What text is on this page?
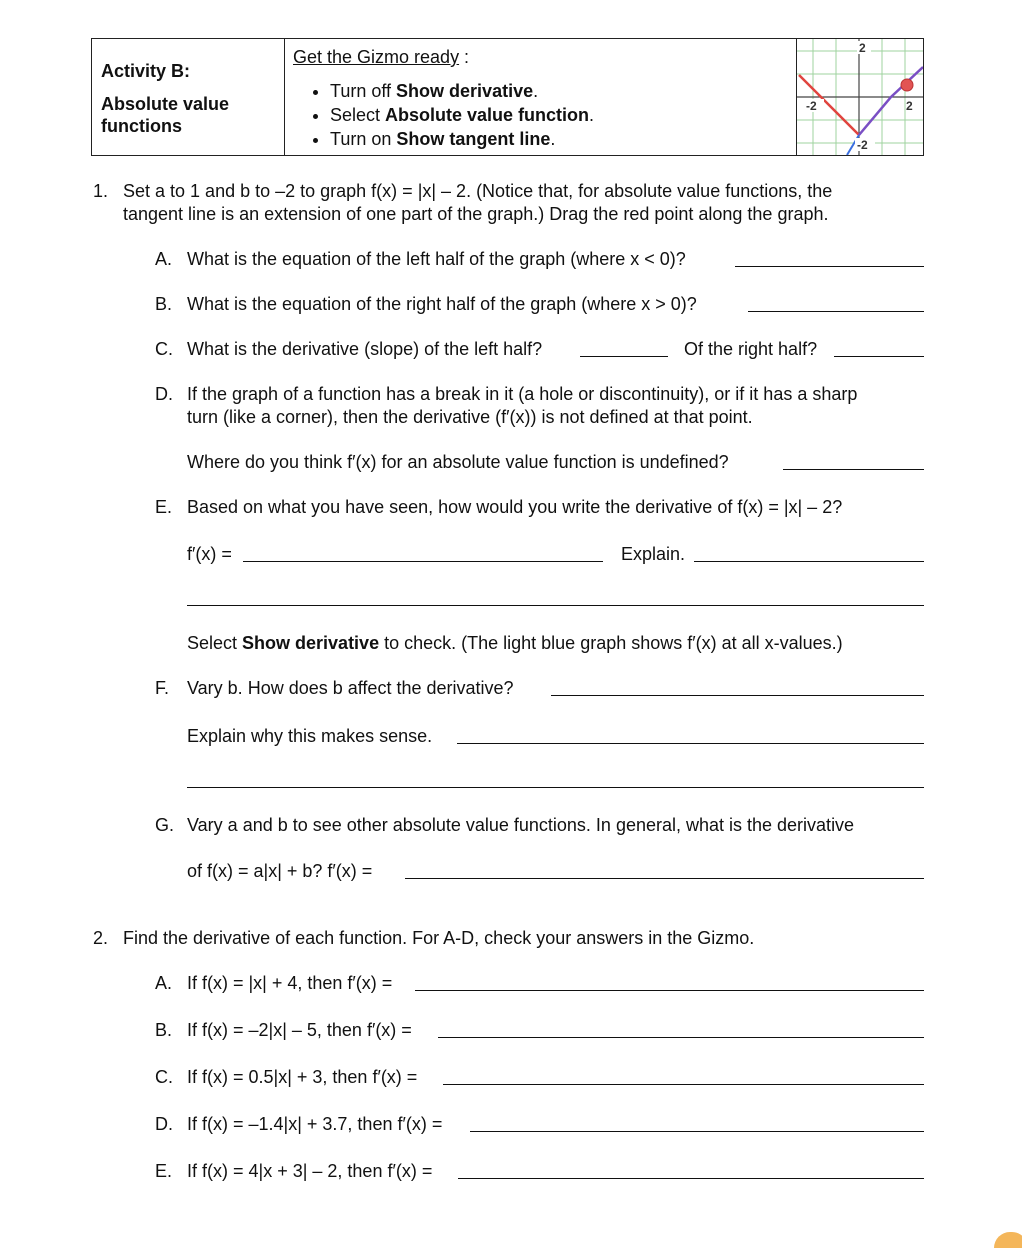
Activity B:
Absolute value functions
Get the Gizmo ready :
• Turn off Show derivative.
• Select Absolute value function.
• Turn on Show tangent line.
2
-2	2
-2
1. Set a to 1 and b to –2 to graph f(x) = |x| – 2. (Notice that, for absolute value functions, the
tangent line is an extension of one part of the graph.) Drag the red point along the graph.
A. What is the equation of the left half of the graph (where x < 0)?
B. What is the equation of the right half of the graph (where x > 0)?
C. What is the derivative (slope) of the left half?	Of the right half?
D. If the graph of a function has a break in it (a hole or discontinuity), or if it has a sharp
turn (like a corner), then the derivative (f′(x)) is not defined at that point.
Where do you think f′(x) for an absolute value function is undefined?
E. Based on what you have seen, how would you write the derivative of f(x) = |x| – 2?
f′(x) =	Explain.
Select Show derivative to check. (The light blue graph shows f′(x) at all x-values.)
F. Vary b. How does b affect the derivative?
Explain why this makes sense.
G. Vary a and b to see other absolute value functions. In general, what is the derivative
of f(x) = a|x| + b? f′(x) =
2. Find the derivative of each function. For A-D, check your answers in the Gizmo.
A. If f(x) = |x| + 4, then f′(x) =
B. If f(x) = –2|x| – 5, then f′(x) =
C. If f(x) = 0.5|x| + 3, then f′(x) =
D. If f(x) = –1.4|x| + 3.7, then f′(x) =
E. If f(x) = 4|x + 3| – 2, then f′(x) =
